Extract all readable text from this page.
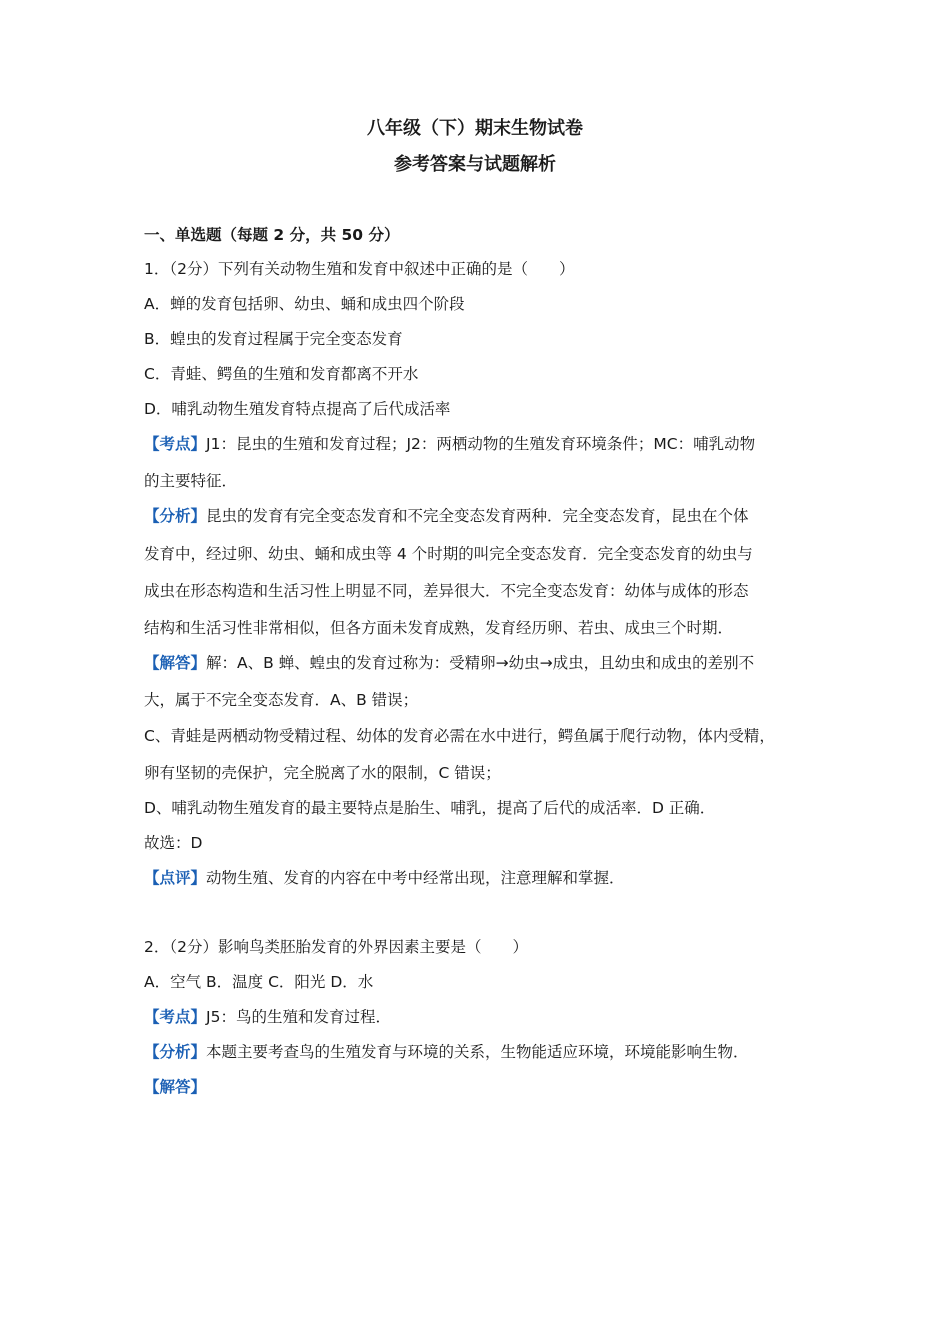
八年级（下）期末生物试卷
参考答案与试题解析
一、单选题（每题 2 分，共 50 分）
1．（2分）下列有关动物生殖和发育中叙述中正确的是（　　）
A．蝉的发育包括卵、幼虫、蛹和成虫四个阶段
B．蝗虫的发育过程属于完全变态发育
C．青蛙、鳄鱼的生殖和发育都离不开水
D．哺乳动物生殖发育特点提高了后代成活率
【考点】J1：昆虫的生殖和发育过程；J2：两栖动物的生殖发育环境条件；MC：哺乳动物
的主要特征．
【分析】昆虫的发育有完全变态发育和不完全变态发育两种．完全变态发育，昆虫在个体
发育中，经过卵、幼虫、蛹和成虫等 4 个时期的叫完全变态发育．完全变态发育的幼虫与
成虫在形态构造和生活习性上明显不同，差异很大．不完全变态发育：幼体与成体的形态
结构和生活习性非常相似，但各方面未发育成熟，发育经历卵、若虫、成虫三个时期．
【解答】解：A、B 蝉、蝗虫的发育过称为：受精卵→幼虫→成虫，且幼虫和成虫的差别不
大，属于不完全变态发育．A、B 错误；
C、青蛙是两栖动物受精过程、幼体的发育必需在水中进行，鳄鱼属于爬行动物，体内受精，
卵有坚韧的壳保护，完全脱离了水的限制，C 错误；
D、哺乳动物生殖发育的最主要特点是胎生、哺乳，提高了后代的成活率．D 正确．
故选：D
【点评】动物生殖、发育的内容在中考中经常出现，注意理解和掌握．
2．（2分）影响鸟类胚胎发育的外界因素主要是（　　）
A．空气 B．温度 C．阳光 D．水
【考点】J5：鸟的生殖和发育过程．
【分析】本题主要考查鸟的生殖发育与环境的关系，生物能适应环境，环境能影响生物．
【解答】
